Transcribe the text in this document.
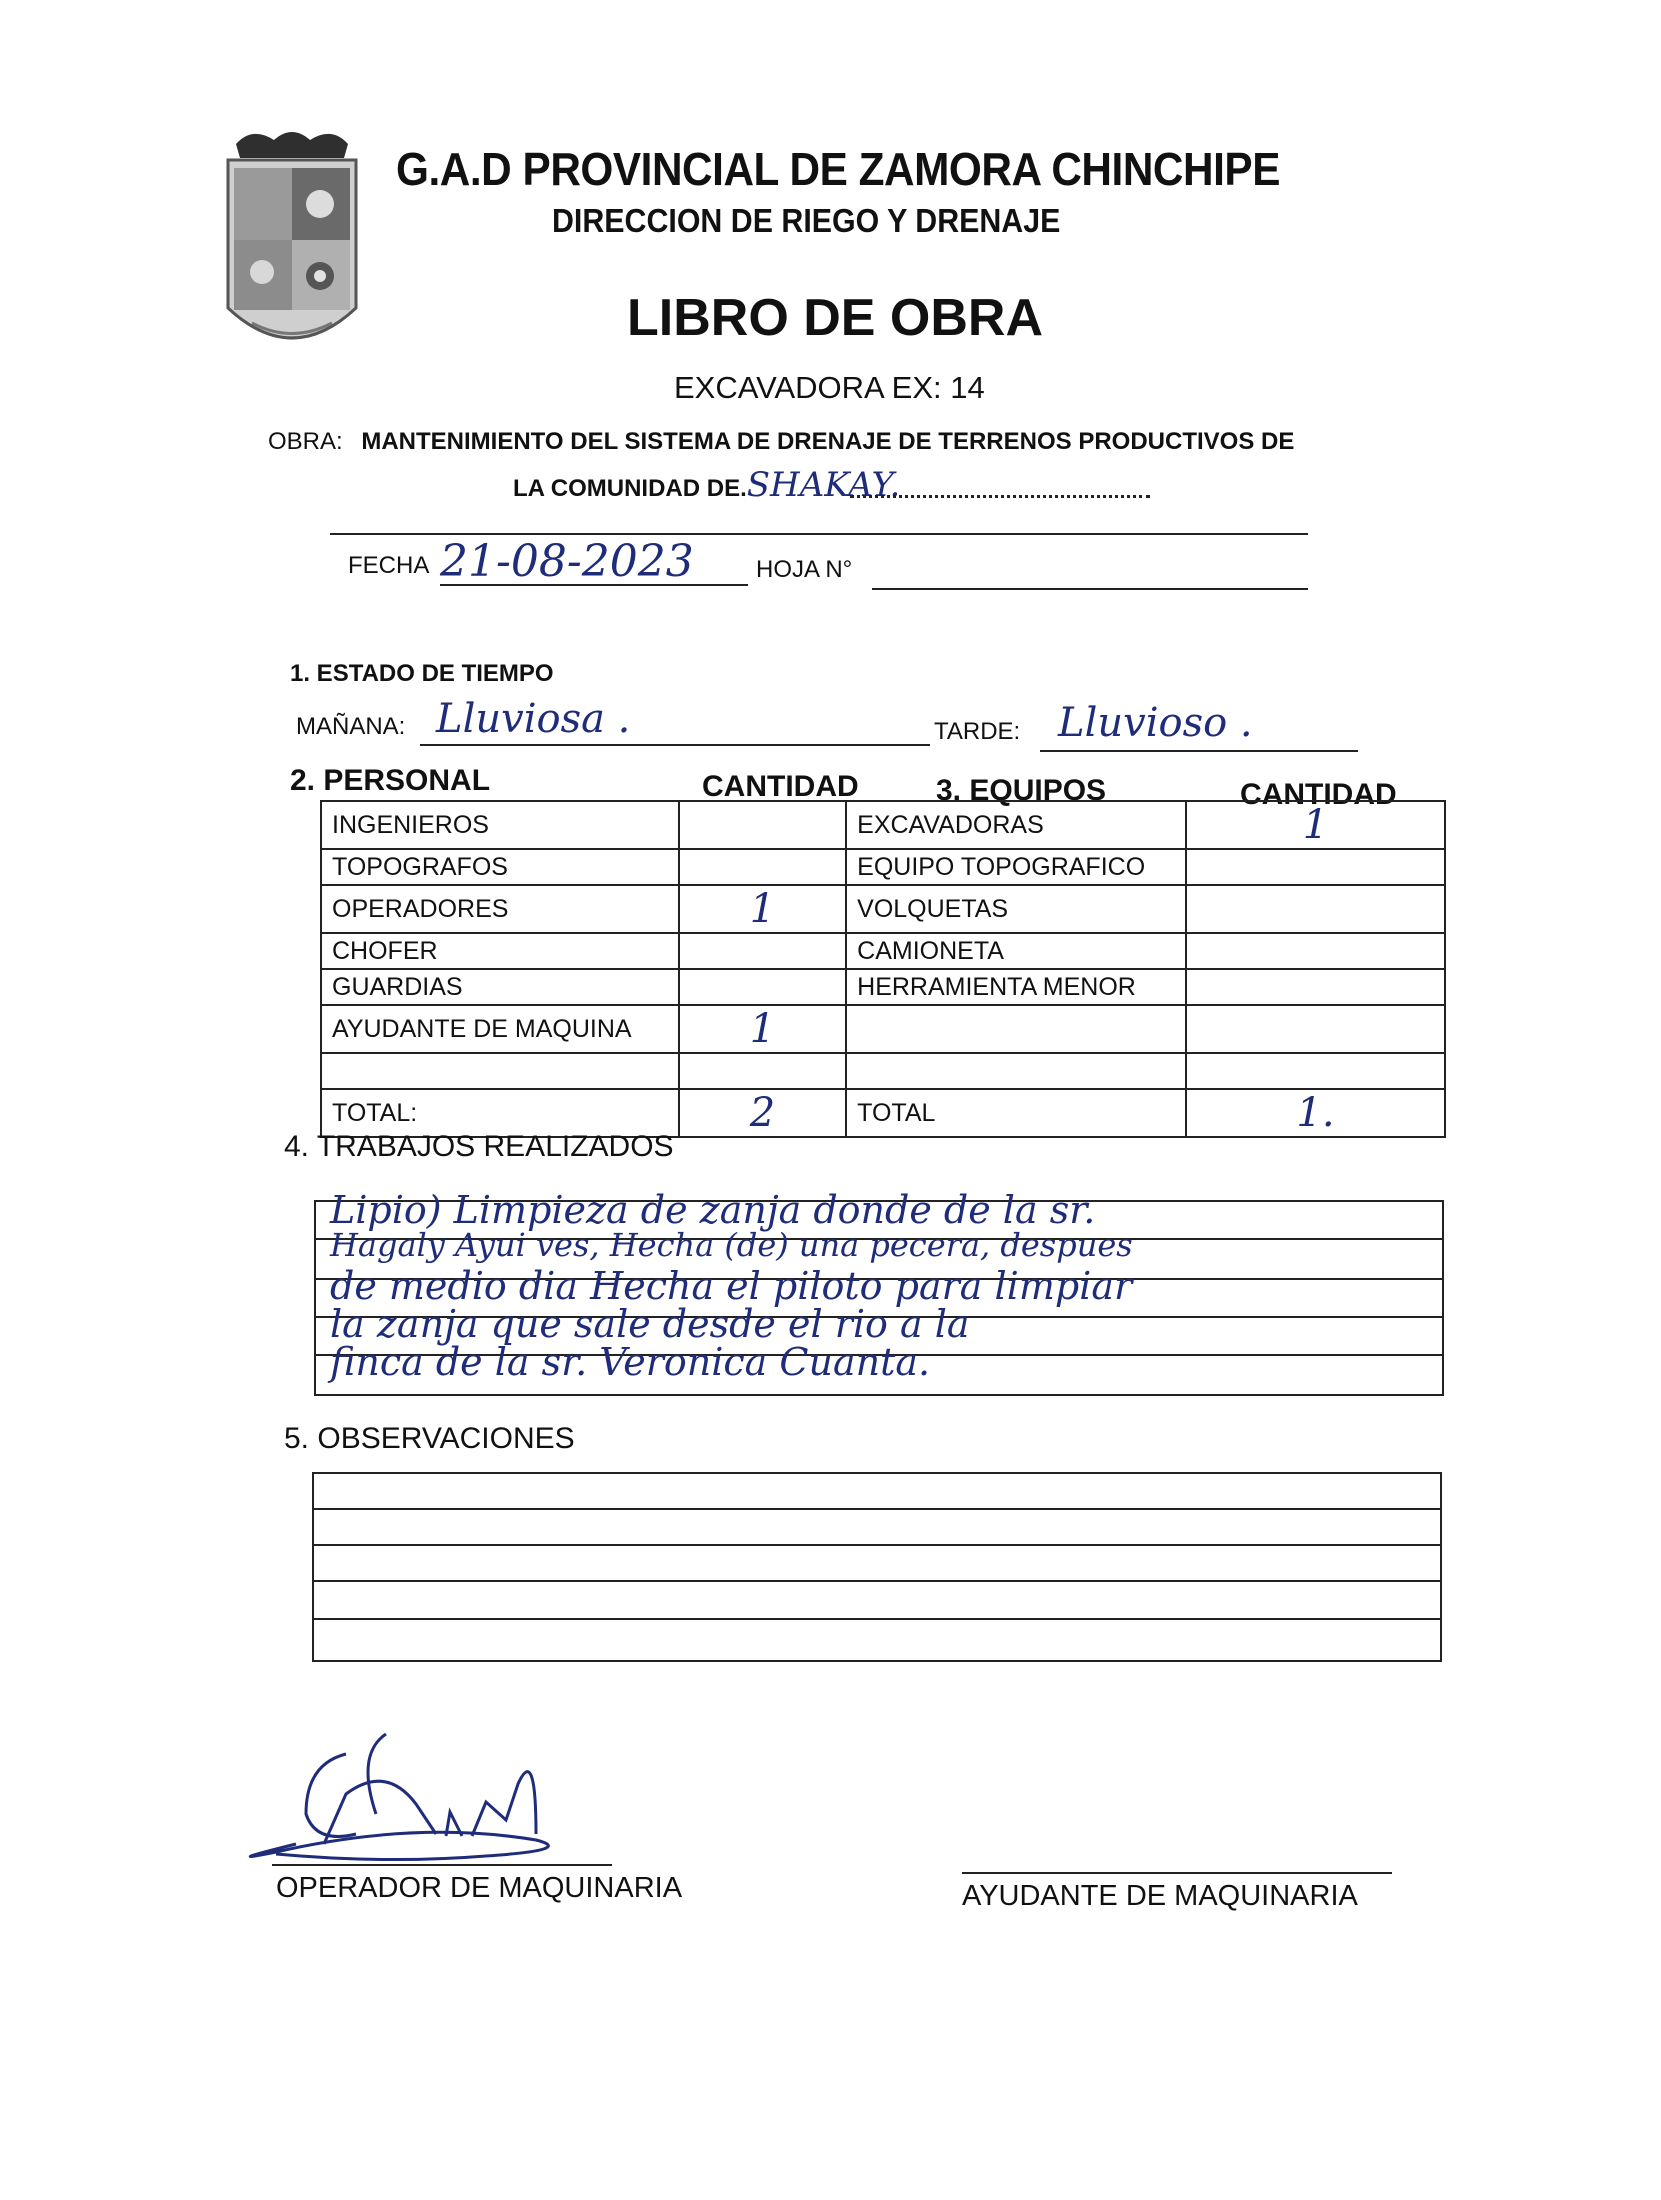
G.A.D PROVINCIAL DE ZAMORA CHINCHIPE
DIRECCION DE RIEGO Y DRENAJE
LIBRO DE OBRA
EXCAVADORA EX: 14
OBRA: MANTENIMIENTO DEL SISTEMA DE DRENAJE DE TERRENOS PRODUCTIVOS DE
LA COMUNIDAD DE.SHAKAY.
FECHA 21-08-2023	HOJA N°
1. ESTADO DE TIEMPO
MAÑANA: Lluviosa .	TARDE: Lluvioso .
2. PERSONAL	CANTIDAD	3. EQUIPOS	CANTIDAD
INGENIEROS		EXCAVADORAS	1
TOPOGRAFOS		EQUIPO TOPOGRAFICO	
OPERADORES	1	VOLQUETAS	
CHOFER		CAMIONETA	
GUARDIAS		HERRAMIENTA MENOR	
AYUDANTE DE MAQUINA	1		

TOTAL:	2	TOTAL	1.
4. TRABAJOS REALIZADOS
Lipio) Limpieza de zanja donde de la sr.
Hagaly Ayui ves, Hecha (de) una pecera, despues
de medio dia Hecha el piloto para limpiar
la zanja que sale desde el rio a la
finca de la sr. Veronica Cuanta.
5. OBSERVACIONES
OPERADOR DE MAQUINARIA	AYUDANTE DE MAQUINARIA
